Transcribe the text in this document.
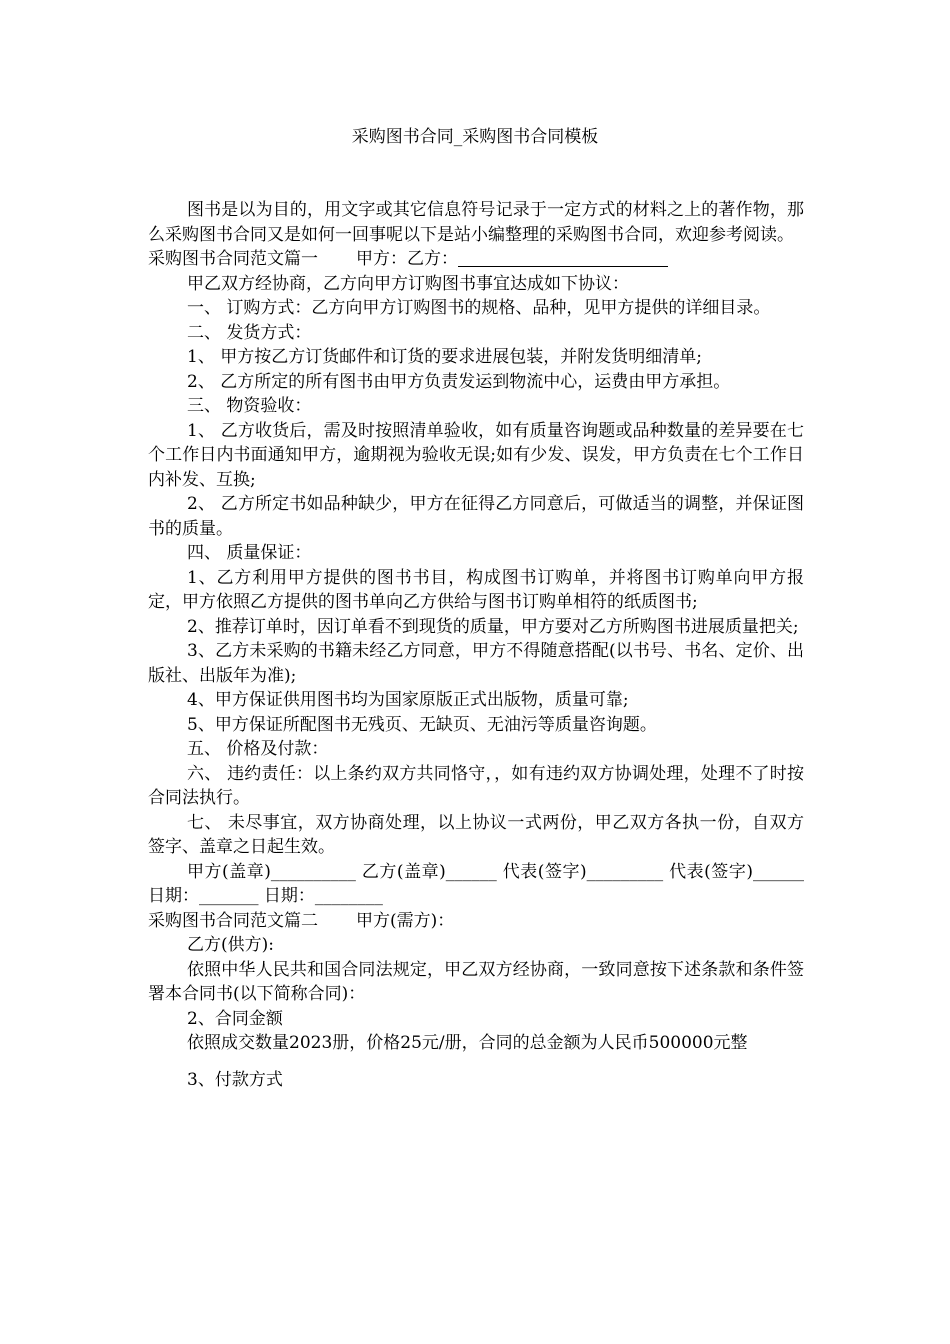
采购图书合同_采购图书合同模板

图书是以为目的，用文字或其它信息符号记录于一定方式的材料之上的著作物，那么采购图书合同又是如何一回事呢以下是站小编整理的采购图书合同，欢迎参考阅读。

采购图书合同范文篇一 甲方：乙方：

甲乙双方经协商，乙方向甲方订购图书事宜达成如下协议：

一、 订购方式：乙方向甲方订购图书的规格、品种，见甲方提供的详细目录。

二、 发货方式：

1、 甲方按乙方订货邮件和订货的要求进展包装，并附发货明细清单;

2、 乙方所定的所有图书由甲方负责发运到物流中心，运费由甲方承担。

三、 物资验收：

1、 乙方收货后，需及时按照清单验收，如有质量咨询题或品种数量的差异要在七个工作日内书面通知甲方，逾期视为验收无误;如有少发、误发，甲方负责在七个工作日内补发、互换;

2、 乙方所定书如品种缺少，甲方在征得乙方同意后，可做适当的调整，并保证图书的质量。

四、 质量保证：

1、乙方利用甲方提供的图书书目，构成图书订购单，并将图书订购单向甲方报定，甲方依照乙方提供的图书单向乙方供给与图书订购单相符的纸质图书;

2、推荐订单时，因订单看不到现货的质量，甲方要对乙方所购图书进展质量把关;

3、乙方未采购的书籍未经乙方同意，甲方不得随意搭配(以书号、书名、定价、出版社、出版年为准);

4、甲方保证供用图书均为国家原版正式出版物，质量可靠;

5、甲方保证所配图书无残页、无缺页、无油污等质量咨询题。

五、 价格及付款：

六、 违约责任：以上条约双方共同恪守，，如有违约双方协调处理，处理不了时按合同法执行。

七、 未尽事宜，双方协商处理，以上协议一式两份，甲乙双方各执一份，自双方签字、盖章之日起生效。

甲方(盖章)__________ 乙方(盖章)______ 代表(签字)_________ 代表(签字)______ 日期：_______ 日期：________

采购图书合同范文篇二 甲方(需方)：

乙方(供方):

依照中华人民共和国合同法规定，甲乙双方经协商，一致同意按下述条款和条件签署本合同书(以下简称合同)：

2、合同金额

依照成交数量2023册，价格25元/册，合同的总金额为人民币500000元整

3、付款方式
